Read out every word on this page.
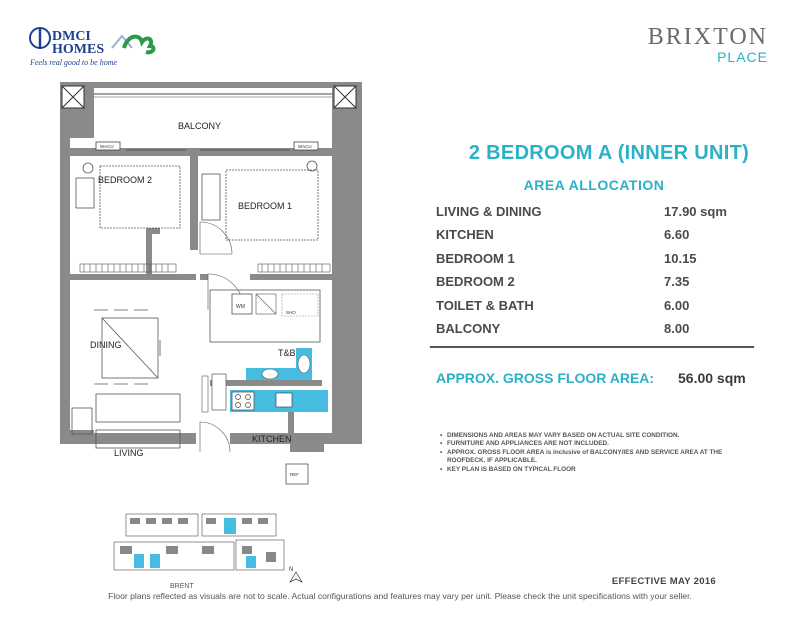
DMCI
HOMES
Feels real good to be home
BRIXTON
PLACE
WACU	WACU
WM
SHO
REF
BALCONY
BEDROOM 2
BEDROOM 1
DINING
LIVING
KITCHEN
T&B
N
BRENT
2 BEDROOM A (INNER UNIT)
AREA ALLOCATION
LIVING & DINING	17.90 sqm
KITCHEN	6.60
BEDROOM 1	10.15
BEDROOM 2	7.35
TOILET & BATH	6.00
BALCONY	8.00
APPROX. GROSS FLOOR AREA: 56.00 sqm
• DIMENSIONS AND AREAS MAY VARY BASED ON ACTUAL SITE CONDITION.
• FURNITURE AND APPLIANCES ARE NOT INCLUDED.
• APPROX. GROSS FLOOR AREA is inclusive of BALCONY/IES AND SERVICE AREA AT THE ROOFDECK. IF APPLICABLE.
• KEY PLAN IS BASED ON TYPICAL FLOOR
EFFECTIVE MAY 2016
Floor plans reflected as visuals are not to scale. Actual configurations and features may vary per unit. Please check the unit specifications with your seller.
